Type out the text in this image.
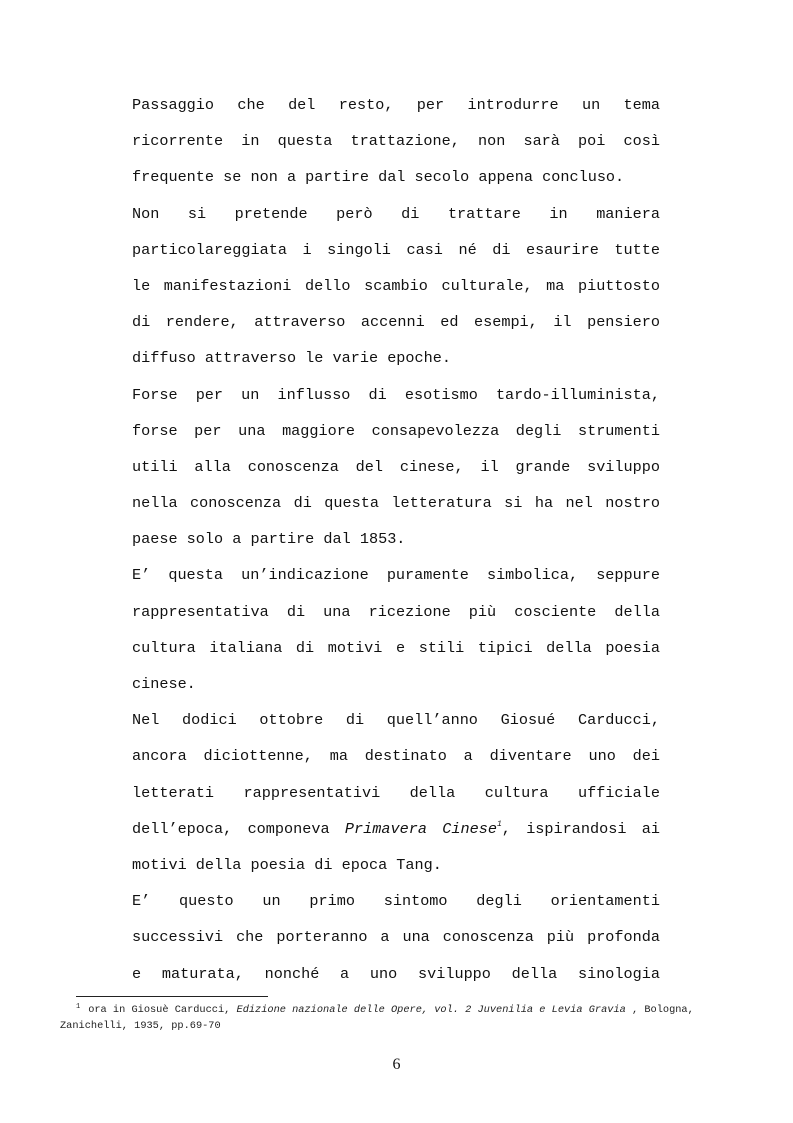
Passaggio che del resto, per introdurre un tema
ricorrente in questa trattazione, non sarà poi così
frequente se non a partire dal secolo appena concluso.
Non si pretende però di trattare in maniera
particolareggiata i singoli casi né di esaurire tutte
le manifestazioni dello scambio culturale, ma piuttosto
di rendere, attraverso accenni ed esempi, il pensiero
diffuso attraverso le varie epoche.
Forse per un influsso di esotismo tardo-illuminista,
forse per una maggiore consapevolezza degli strumenti
utili alla conoscenza del cinese, il grande sviluppo
nella conoscenza di questa letteratura si ha nel nostro
paese solo a partire dal 1853.
E’ questa un’indicazione puramente simbolica, seppure
rappresentativa di una ricezione più cosciente della
cultura italiana di motivi e stili tipici della poesia
cinese.
Nel dodici ottobre di quell’anno Giosué Carducci,
ancora diciottenne, ma destinato a diventare uno dei
letterati rappresentativi della cultura ufficiale
dell’epoca, componeva Primavera Cinese$^1$, ispirandosi ai
motivi della poesia di epoca Tang.
E’ questo un primo sintomo degli orientamenti
successivi che porteranno a una conoscenza più profonda
e maturata, nonché a uno sviluppo della sinologia
$^1$ ora in Giosuè Carducci, Edizione nazionale delle Opere, vol. 2 Juvenilia e Levia Gravia , Bologna,
Zanichelli, 1935, pp.69-70
6
